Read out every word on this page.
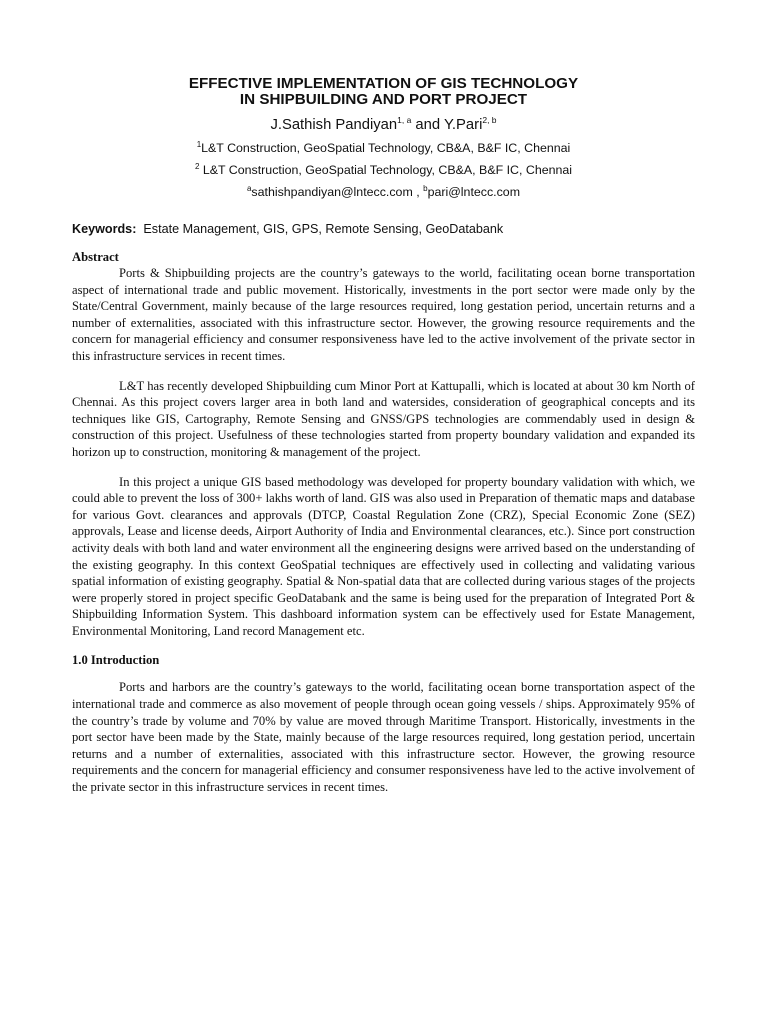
EFFECTIVE IMPLEMENTATION OF GIS TECHNOLOGY
IN SHIPBUILDING AND PORT PROJECT
J.Sathish Pandiyan$^{1, a}$ and Y.Pari$^{2, b}$
$^1$L&T Construction, GeoSpatial Technology, CB&A, B&F IC, Chennai
$^2$ L&T Construction, GeoSpatial Technology, CB&A, B&F IC, Chennai
$^a$sathishpandiyan@lntecc.com , $^b$pari@lntecc.com
Keywords:  Estate Management, GIS, GPS, Remote Sensing, GeoDatabank
Abstract

Ports & Shipbuilding projects are the country’s gateways to the world, facilitating ocean borne transportation aspect of international trade and public movement. Historically, investments in the port sector were made only by the State/Central Government, mainly because of the large resources required, long gestation period, uncertain returns and a number of externalities, associated with this infrastructure sector. However, the growing resource requirements and the concern for managerial efficiency and consumer responsiveness have led to the active involvement of the private sector in this infrastructure services in recent times.

L&T has recently developed Shipbuilding cum Minor Port at Kattupalli, which is located at about 30 km North of Chennai. As this project covers larger area in both land and watersides, consideration of geographical concepts and its techniques like GIS, Cartography, Remote Sensing and GNSS/GPS technologies are commendably used in design & construction of this project. Usefulness of these technologies started from property boundary validation and expanded its horizon up to construction, monitoring & management of the project.

In this project a unique GIS based methodology was developed for property boundary validation with which, we could able to prevent the loss of 300+ lakhs worth of land. GIS was also used in Preparation of thematic maps and database for various Govt. clearances and approvals (DTCP, Coastal Regulation Zone (CRZ), Special Economic Zone (SEZ) approvals, Lease and license deeds, Airport Authority of India and Environmental clearances, etc.). Since port construction activity deals with both land and water environment all the engineering designs were arrived based on the understanding of the existing geography. In this context GeoSpatial techniques are effectively used in collecting and validating various spatial information of existing geography. Spatial & Non-spatial data that are collected during various stages of the projects were properly stored in project specific GeoDatabank and the same is being used for the preparation of Integrated Port & Shipbuilding Information System. This dashboard information system can be effectively used for Estate Management, Environmental Monitoring, Land record Management etc.

1.0 Introduction

Ports and harbors are the country’s gateways to the world, facilitating ocean borne transportation aspect of the international trade and commerce as also movement of people through ocean going vessels / ships. Approximately 95% of the country’s trade by volume and 70% by value are moved through Maritime Transport. Historically, investments in the port sector have been made by the State, mainly because of the large resources required, long gestation period, uncertain returns and a number of externalities, associated with this infrastructure sector. However, the growing resource requirements and the concern for managerial efficiency and consumer responsiveness have led to the active involvement of the private sector in this infrastructure services in recent times.
